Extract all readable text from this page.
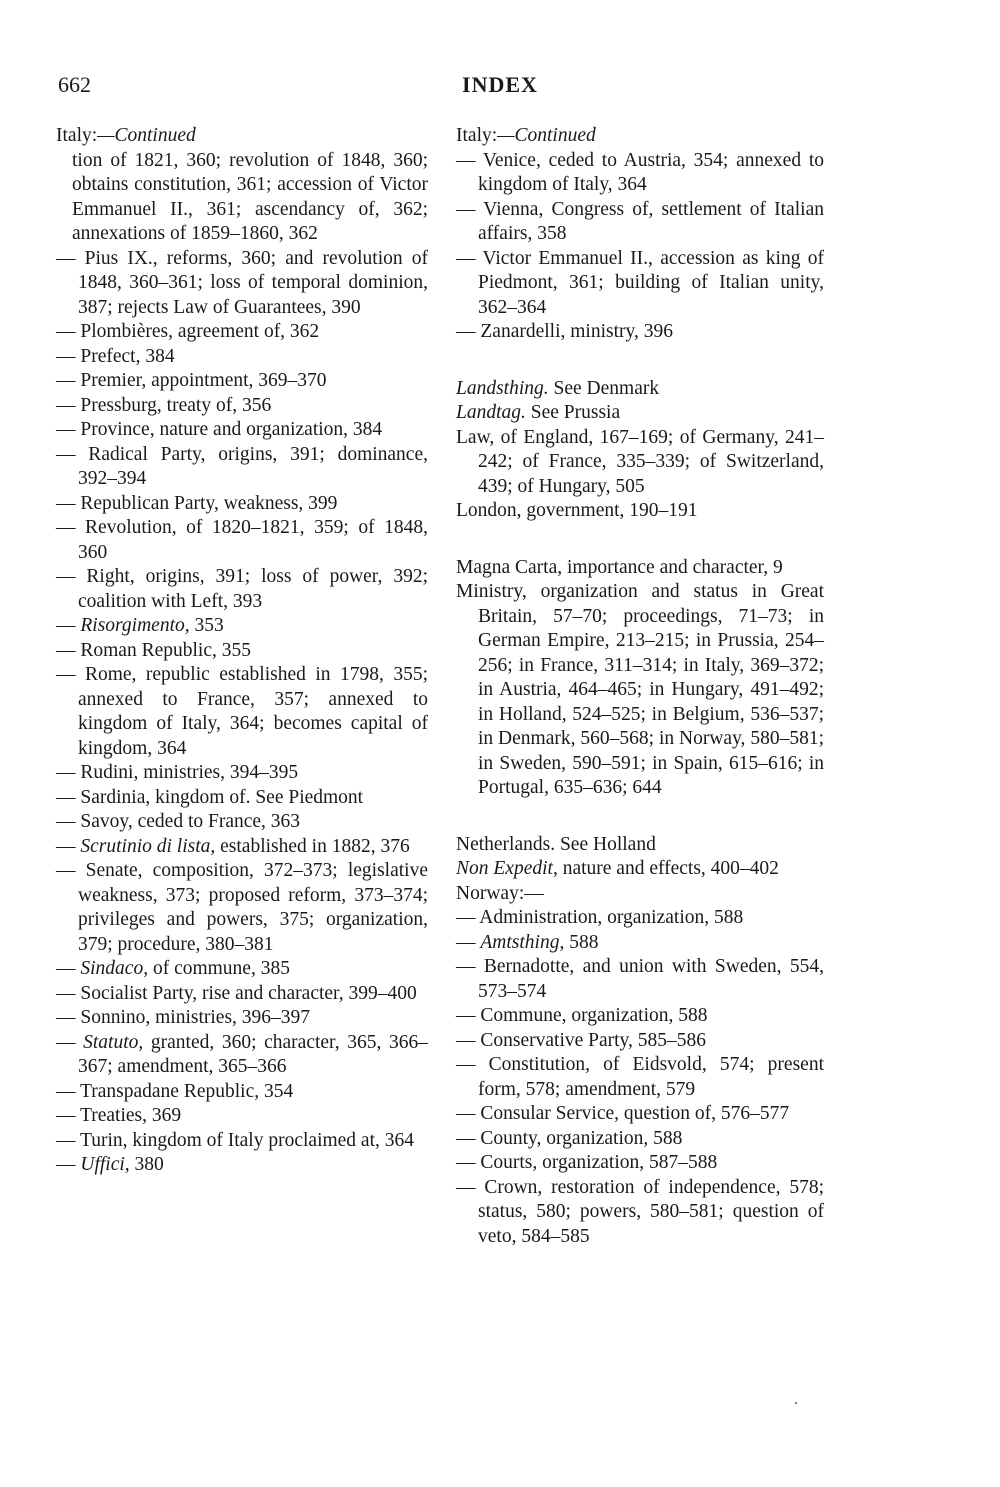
662	INDEX

Italy:—Continued

tion of 1821, 360; revolution of 1848, 360; obtains constitution, 361; accession of Victor Emmanuel II., 361; ascendancy of, 362; annexations of 1859–1860, 362

— Pius IX., reforms, 360; and revolution of 1848, 360–361; loss of temporal dominion, 387; rejects Law of Guarantees, 390

— Plombières, agreement of, 362

— Prefect, 384

— Premier, appointment, 369–370

— Pressburg, treaty of, 356

— Province, nature and organization, 384

— Radical Party, origins, 391; dominance, 392–394

— Republican Party, weakness, 399

— Revolution, of 1820–1821, 359; of 1848, 360

— Right, origins, 391; loss of power, 392; coalition with Left, 393

— Risorgimento, 353

— Roman Republic, 355

— Rome, republic established in 1798, 355; annexed to France, 357; annexed to kingdom of Italy, 364; becomes capital of kingdom, 364

— Rudini, ministries, 394–395

— Sardinia, kingdom of. See Piedmont

— Savoy, ceded to France, 363

— Scrutinio di lista, established in 1882, 376

— Senate, composition, 372–373; legislative weakness, 373; proposed reform, 373–374; privileges and powers, 375; organization, 379; procedure, 380–381

— Sindaco, of commune, 385

— Socialist Party, rise and character, 399–400

— Sonnino, ministries, 396–397

— Statuto, granted, 360; character, 365, 366–367; amendment, 365–366

— Transpadane Republic, 354

— Treaties, 369

— Turin, kingdom of Italy proclaimed at, 364

— Uffici, 380

Italy:—Continued

— Venice, ceded to Austria, 354; annexed to kingdom of Italy, 364

— Vienna, Congress of, settlement of Italian affairs, 358

— Victor Emmanuel II., accession as king of Piedmont, 361; building of Italian unity, 362–364

— Zanardelli, ministry, 396

Landsthing. See Denmark

Landtag. See Prussia

Law, of England, 167–169; of Germany, 241–242; of France, 335–339; of Switzerland, 439; of Hungary, 505

London, government, 190–191

Magna Carta, importance and character, 9

Ministry, organization and status in Great Britain, 57–70; proceedings, 71–73; in German Empire, 213–215; in Prussia, 254–256; in France, 311–314; in Italy, 369–372; in Austria, 464–465; in Hungary, 491–492; in Holland, 524–525; in Belgium, 536–537; in Denmark, 560–568; in Norway, 580–581; in Sweden, 590–591; in Spain, 615–616; in Portugal, 635–636; 644

Netherlands. See Holland

Non Expedit, nature and effects, 400–402

Norway:—

— Administration, organization, 588

— Amtsthing, 588

— Bernadotte, and union with Sweden, 554, 573–574

— Commune, organization, 588

— Conservative Party, 585–586

— Constitution, of Eidsvold, 574; present form, 578; amendment, 579

— Consular Service, question of, 576–577

— County, organization, 588

— Courts, organization, 587–588

— Crown, restoration of independence, 578; status, 580; powers, 580–581; question of veto, 584–585
